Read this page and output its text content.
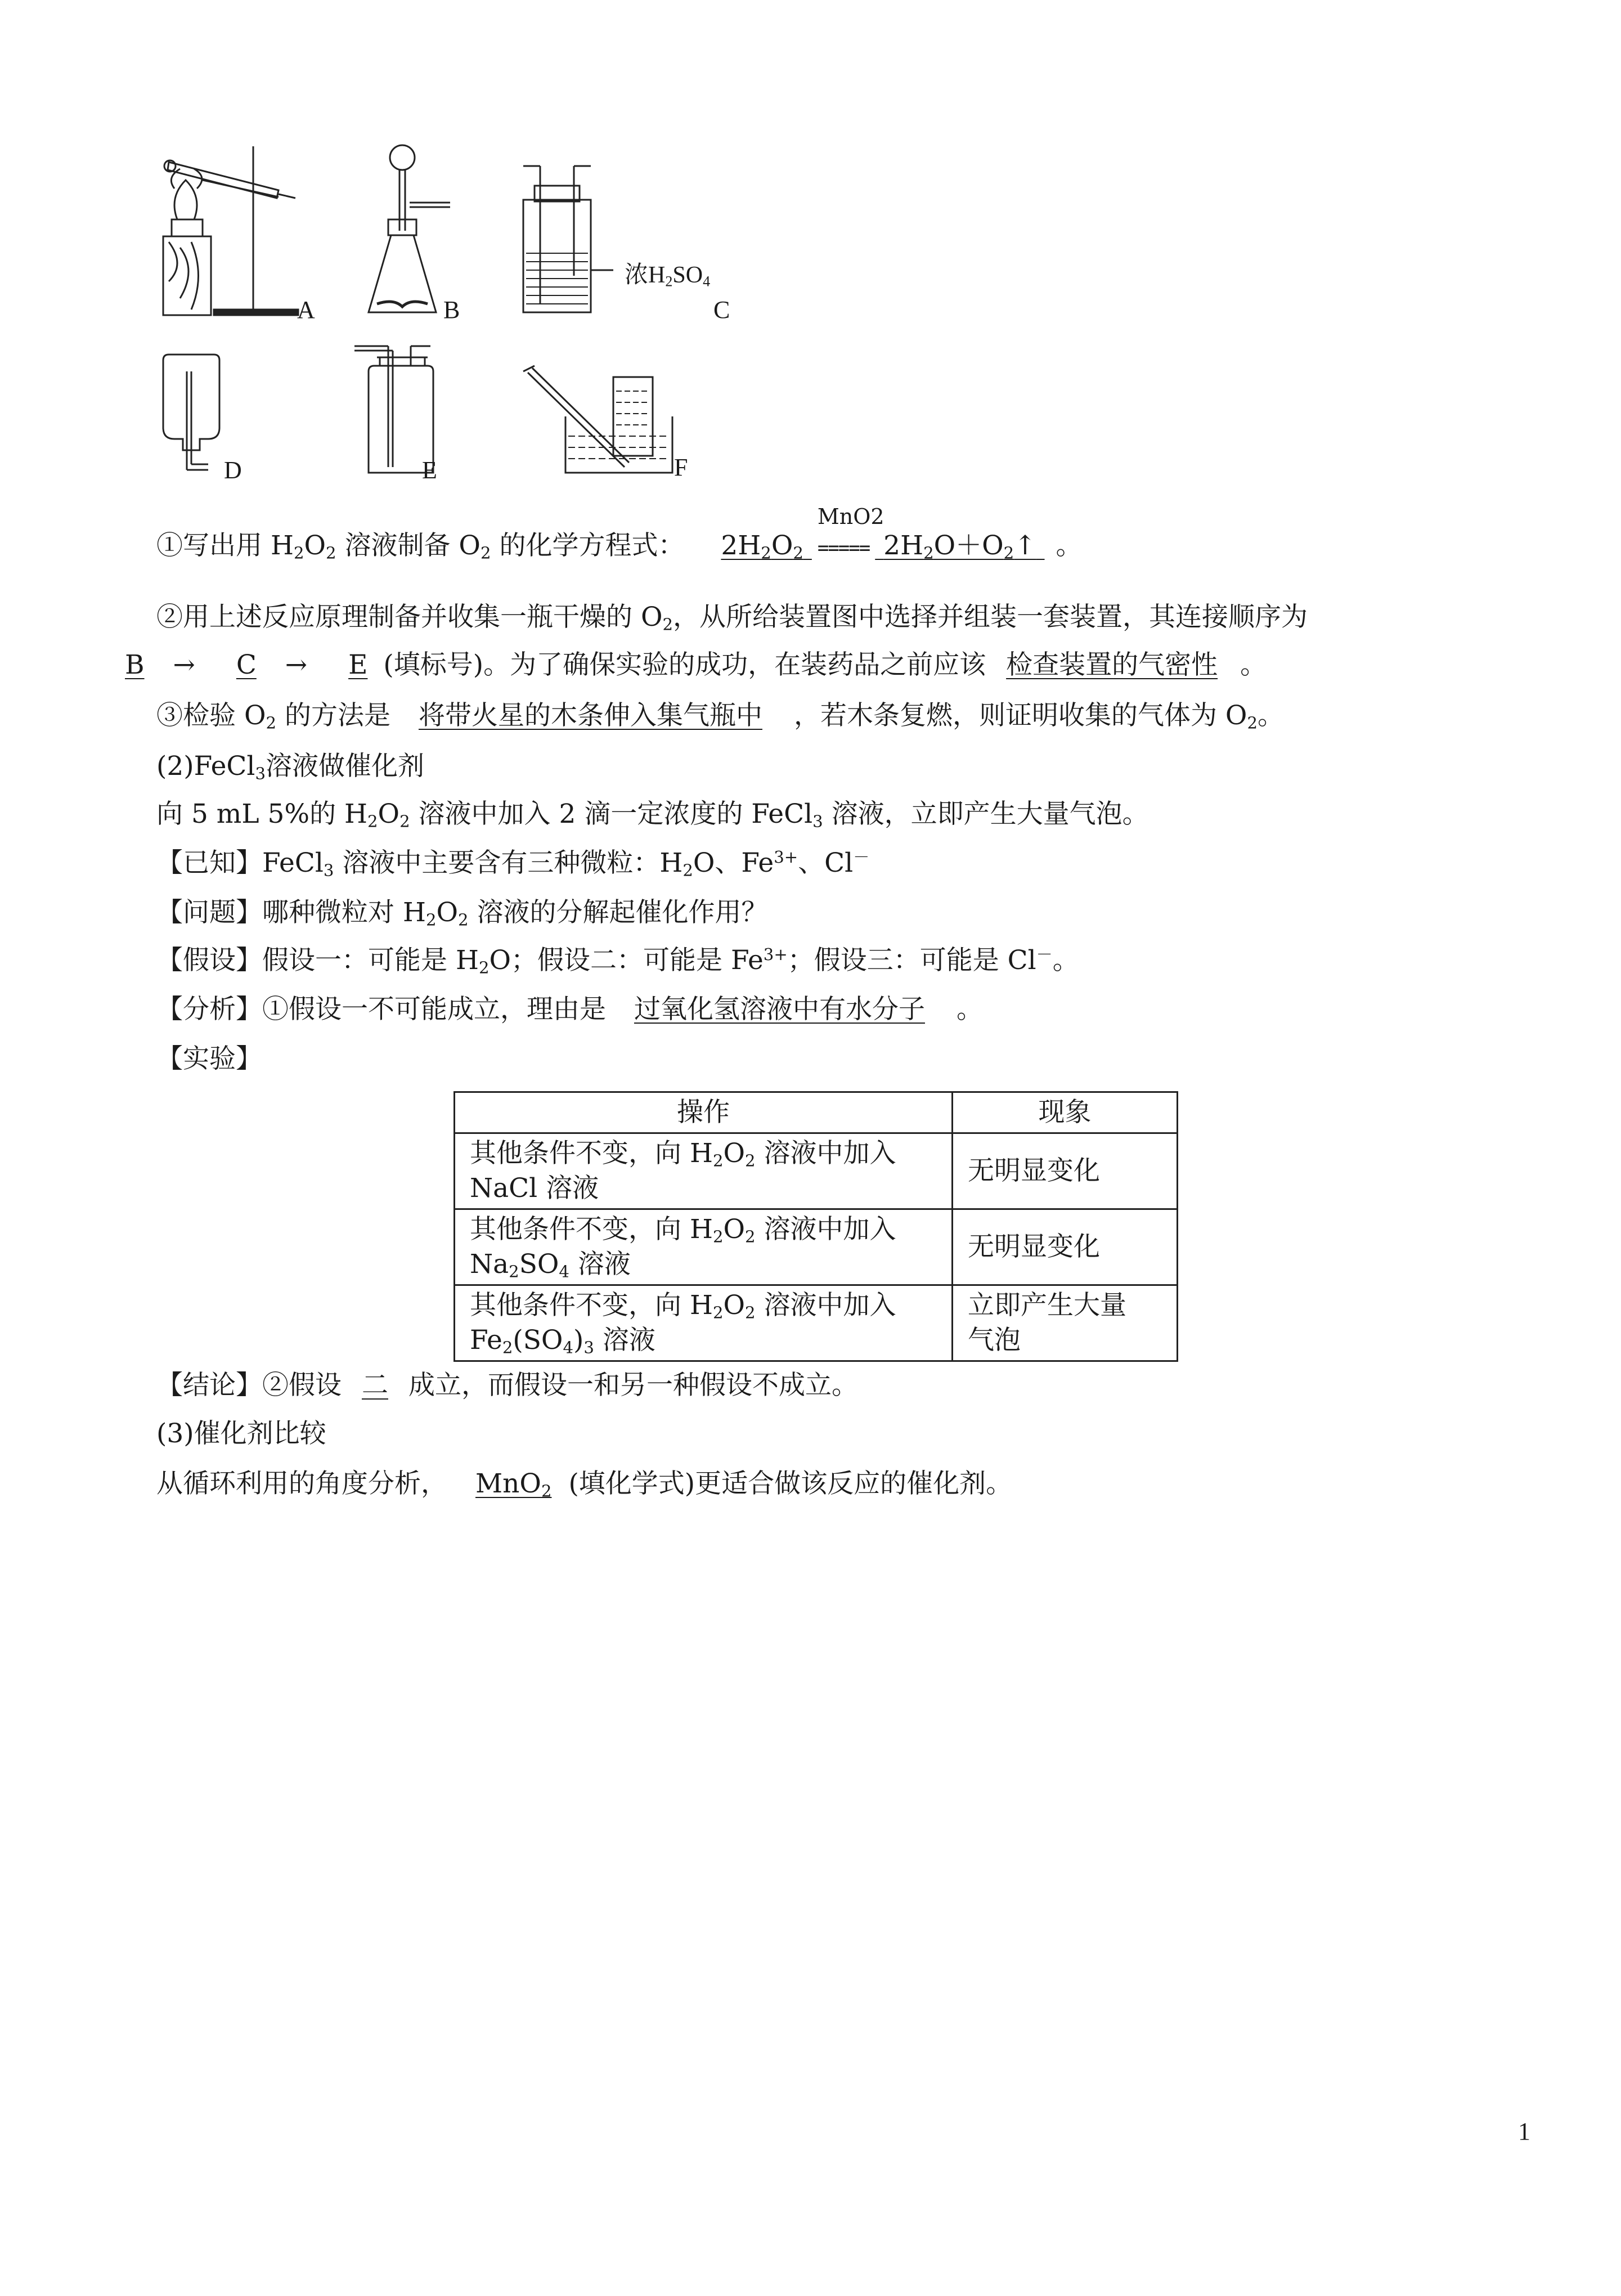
A	B
浓$H_2SO_4$
C
D	E	F
①写出用 $H_2O_2$ 溶液制备 $O_2$ 的化学方程式： $2H_2O_2$
MnO2
===== $2H_2O+O_2↑$ 。
②用上述反应原理制备并收集一瓶干燥的 $O_2$，从所给装置图中选择并组装一套装置，其连接顺序为
B → C → E (填标号)。为了确保实验的成功，在装药品之前应该 检查装置的气密性 。
③检验 $O_2$ 的方法是 将带火星的木条伸入集气瓶中 ，若木条复燃，则证明收集的气体为 $O_2$。
(2)FeCl$_3$溶液做催化剂
向 5 mL 5%的 $H_2O_2$ 溶液中加入 2 滴一定浓度的 FeCl$_3$ 溶液，立即产生大量气泡。
【已知】FeCl$_3$ 溶液中主要含有三种微粒：$H_2O$、$Fe^{3+}$、Cl－
【问题】哪种微粒对 $H_2O_2$ 溶液的分解起催化作用？
【假设】假设一：可能是 $H_2O$；假设二：可能是 $Fe^{3+}$；假设三：可能是 Cl－。
【分析】①假设一不可能成立，理由是 过氧化氢溶液中有水分子 。
【实验】
操作	现象
其他条件不变，向 $H_2O_2$ 溶液中加入
NaCl 溶液	无明显变化
其他条件不变，向 $H_2O_2$ 溶液中加入
$Na_2SO_4$ 溶液	无明显变化
其他条件不变，向 $H_2O_2$ 溶液中加入
$Fe_2(SO_4)_3$ 溶液	立即产生大量
气泡
【结论】②假设 二 成立，而假设一和另一种假设不成立。
(3)催化剂比较
从循环利用的角度分析， MnO$_2$ (填化学式)更适合做该反应的催化剂。
1
